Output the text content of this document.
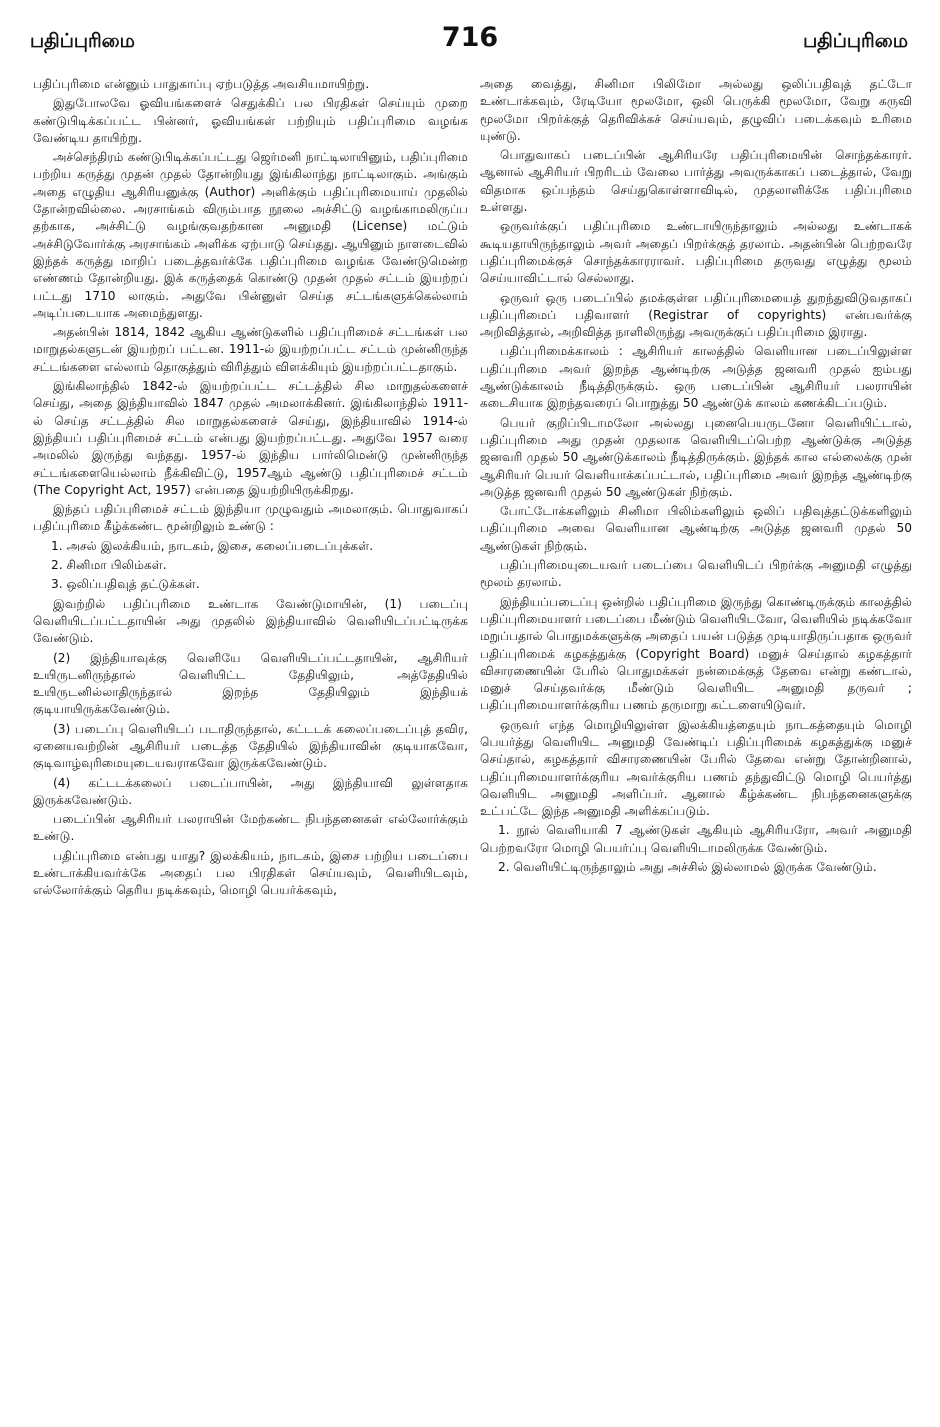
பதிப்புரிமை	716	பதிப்புரிமை

பதிப்புரிமை என்னும் பாதுகாப்பு ஏற்படுத்த அவசியமாயிற்று.

இதுபோலவே ஓவியங்களைச் செதுக்கிப் பல பிரதிகள் செய்யும் முறை கண்டுபிடிக்கப்பட்ட பின்னர், ஓவியங்கள் பற்றியும் பதிப்புரிமை வழங்க வேண்டிய தாயிற்று.

அச்செந்திரம் கண்டுபிடிக்கப்பட்டது ஜெர்மனி நாட்டிலாயினும், பதிப்புரிமை பற்றிய கருத்து முதன் முதல் தோன்றியது இங்கிலாந்து நாட்டிலாகும். அங்கும் அதை எழுதிய ஆசிரியனுக்கு (Author) அளிக்கும் பதிப்புரிமையாய் முதலில் தோன்றவில்லை. அரசாங்கம் விரும்பாத நூலை அச்சிட்டு வழங்காமலிருப்ப தற்காக, அச்சிட்டு வழங்குவதற்கான அனுமதி (License) மட்டும் அச்சிடுவோர்க்கு அரசாங்கம் அளிக்க ஏற்பாடு செய்தது. ஆயினும் நாளடைவில் இந்தக் கருத்து மாறிப் படைத்தவர்க்கே பதிப்புரிமை வழங்க வேண்டுமென்ற எண்ணம் தோன்றியது. இக் கருத்தைக் கொண்டு முதன் முதல் சட்டம் இயற்றப் பட்டது 1710 லாகும். அதுவே பின்னுள் செய்த சட்டங்களுக்கெல்லாம் அடிப்படையாக அமைந்துளது.

அதன்பின் 1814, 1842 ஆகிய ஆண்டுகளில் பதிப்புரிமைச் சட்டங்கள் பல மாறுதல்களுடன் இயற்றப் பட்டன. 1911-ல் இயற்றப்பட்ட சட்டம் முன்னிருந்த சட்டங்களை எல்லாம் தொகுத்தும் விரித்தும் விளக்கியும் இயற்றப்பட்டதாகும்.

இங்கிலாந்தில் 1842-ல் இயற்றப்பட்ட சட்டத்தில் சில மாறுதல்களைச் செய்து, அதை இந்தியாவில் 1847 முதல் அமலாக்கினர். இங்கிலாந்தில் 1911-ல் செய்த சட்டத்தில் சில மாறுதல்களைச் செய்து, இந்தியாவில் 1914-ல் இந்தியப் பதிப்புரிமைச் சட்டம் என்பது இயற்றப்பட்டது. அதுவே 1957 வரை அமலில் இருந்து வந்தது. 1957-ல் இந்திய பார்லிமென்டு முன்னிருந்த சட்டங்களையெல்லாம் நீக்கிவிட்டு, 1957ஆம் ஆண்டு பதிப்புரிமைச் சட்டம் (The Copyright Act, 1957) என்பதை இயற்றியிருக்கிறது.

இந்தப் பதிப்புரிமைச் சட்டம் இந்தியா முழுவதும் அமலாகும். பொதுவாகப் பதிப்புரிமை கீழ்க்கண்ட மூன்றிலும் உண்டு :

1. அசல் இலக்கியம், நாடகம், இசை, கலைப்படைப்புக்கள்.

2. சினிமா பிலிம்கள்.

3. ஒலிப்பதிவுத் தட்டுக்கள்.

இவற்றில் பதிப்புரிமை உண்டாக வேண்டுமாயின், (1) படைப்பு வெளியிடப்பட்டதாயின் அது முதலில் இந்தியாவில் வெளியிடப்பட்டிருக்க வேண்டும்.

(2) இந்தியாவுக்கு வெளியே வெளியிடப்பட்டதாயின், ஆசிரியர் உயிருடனிருந்தால் வெளியிட்ட தேதியிலும், அத்தேதியில் உயிருடனில்லாதிருந்தால் இறந்த தேதியிலும் இந்தியக் குடியாயிருக்கவேண்டும்.

(3) படைப்பு வெளியிடப் படாதிருந்தால், கட்டடக் கலைப்படைப்புத் தவிர, ஏனையவற்றின் ஆசிரியர் படைத்த தேதியில் இந்தியாவின் குடியாகவோ, குடிவாழ்வுரிமையுடையவராகவோ இருக்கவேண்டும்.

(4) கட்டடக்கலைப் படைப்பாயின், அது இந்தியாவி லுள்ளதாக இருக்கவேண்டும்.

படைப்பின் ஆசிரியர் பலராயின் மேற்கண்ட நிபந்தனைகள் எல்லோர்க்கும் உண்டு.

பதிப்புரிமை என்பது யாது? இலக்கியம், நாடகம், இசை பற்றிய படைப்பை உண்டாக்கியவர்க்கே அதைப் பல பிரதிகள் செய்யவும், வெளியிடவும், எல்லோர்க்கும் தெரிய நடிக்கவும், மொழி பெயர்க்கவும்,

அதை வைத்து, சினிமா பிலிமோ அல்லது ஒலிப்பதிவுத் தட்டோ உண்டாக்கவும், ரேடியோ மூலமோ, ஒலி பெருக்கி மூலமோ, வேறு கருவி மூலமோ பிறர்க்குத் தெரிவிக்கச் செய்யவும், தழுவிப் படைக்கவும் உரிமை யுண்டு.

பொதுவாகப் படைப்பின் ஆசிரியரே பதிப்புரிமையின் சொந்தக்காரர். ஆனால் ஆசிரியர் பிறரிடம் வேலை பார்த்து அவருக்காகப் படைத்தால், வேறு விதமாக ஒப்பந்தம் செய்துகொள்ளாவிடில், முதலாளிக்கே பதிப்புரிமை உள்ளது.

ஒருவர்க்குப் பதிப்புரிமை உண்டாயிருந்தாலும் அல்லது உண்டாகக் கூடியதாயிருந்தாலும் அவர் அதைப் பிறர்க்குத் தரலாம். அதன்பின் பெற்றவரே பதிப்புரிமைக்குச் சொந்தக்காரராவர். பதிப்புரிமை தருவது எழுத்து மூலம் செய்யாவிட்டால் செல்லாது.

ஒருவர் ஒரு படைப்பில் தமக்குள்ள பதிப்புரிமையைத் துறந்துவிடுவதாகப் பதிப்புரிமைப் பதிவாளர் (Registrar of copyrights) என்பவர்க்கு அறிவித்தால், அறிவித்த நாளிலிருந்து அவருக்குப் பதிப்புரிமை இராது.

பதிப்புரிமைக்காலம் : ஆசிரியர் காலத்தில் வெளியான படைப்பிலுள்ள பதிப்புரிமை அவர் இறந்த ஆண்டிற்கு அடுத்த ஜனவரி முதல் ஐம்பது ஆண்டுக்காலம் நீடித்திருக்கும். ஒரு படைப்பின் ஆசிரியர் பலராயின் கடைசியாக இறந்தவரைப் பொறுத்து 50 ஆண்டுக் காலம் கணக்கிடப்படும்.

பெயர் குறிப்பிடாமலோ அல்லது புனைபெயருடனோ வெளியிட்டால், பதிப்புரிமை அது முதன் முதலாக வெளியிடப்பெற்ற ஆண்டுக்கு அடுத்த ஜனவரி முதல் 50 ஆண்டுக்காலம் நீடித்திருக்கும். இந்தக் கால எல்லைக்கு முன் ஆசிரியர் பெயர் வெளியாக்கப்பட்டால், பதிப்புரிமை அவர் இறந்த ஆண்டிற்கு அடுத்த ஜனவரி முதல் 50 ஆண்டுகள் நிற்கும்.

போட்டோக்களிலும் சினிமா பிலிம்களிலும் ஒலிப் பதிவுத்தட்டுக்களிலும் பதிப்புரிமை அவை வெளியான ஆண்டிற்கு அடுத்த ஜனவரி முதல் 50 ஆண்டுகள் நிற்கும்.

பதிப்புரிமையுடையவர் படைப்பை வெளியிடப் பிறர்க்கு அனுமதி எழுத்து மூலம் தரலாம்.

இந்தியப்படைப்பு ஒன்றில் பதிப்புரிமை இருந்து கொண்டிருக்கும் காலத்தில் பதிப்புரிமையாளர் படைப்பை மீண்டும் வெளியிடவோ, வெளியில் நடிக்கவோ மறுப்பதால் பொதுமக்களுக்கு அதைப் பயன் படுத்த முடியாதிருப்பதாக ஒருவர் பதிப்புரிமைக் கழகத்துக்கு (Copyright Board) மனுச் செய்தால் கழகத்தார் விசாரணையின் பேரில் பொதுமக்கள் நன்மைக்குத் தேவை என்று கண்டால், மனுச் செய்தவர்க்கு மீண்டும் வெளியிட அனுமதி தருவர் ; பதிப்புரிமையாளர்க்குரிய பணம் தருமாறு கட்டளையிடுவர்.

ஒருவர் எந்த மொழியிலுள்ள இலக்கியத்தையும் நாடகத்தையும் மொழி பெயர்த்து வெளியிட அனுமதி வேண்டிப் பதிப்புரிமைக் கழகத்துக்கு மனுச் செய்தால், கழகத்தார் விசாரணையின் பேரில் தேவை என்று தோன்றினால், பதிப்புரிமையாளர்க்குரிய அவர்க்குரிய பணம் தந்துவிட்டு மொழி பெயர்த்து வெளியிட அனுமதி அளிப்பர். ஆனால் கீழ்க்கண்ட நிபந்தனைகளுக்கு உட்பட்டே இந்த அனுமதி அளிக்கப்படும்.

1. நூல் வெளியாகி 7 ஆண்டுகள் ஆகியும் ஆசிரியரோ, அவர் அனுமதி பெற்றவரோ மொழி பெயர்ப்பு வெளியிடாமலிருக்க வேண்டும்.

2. வெளியிட்டிருந்தாலும் அது அச்சில் இல்லாமல் இருக்க வேண்டும்.
